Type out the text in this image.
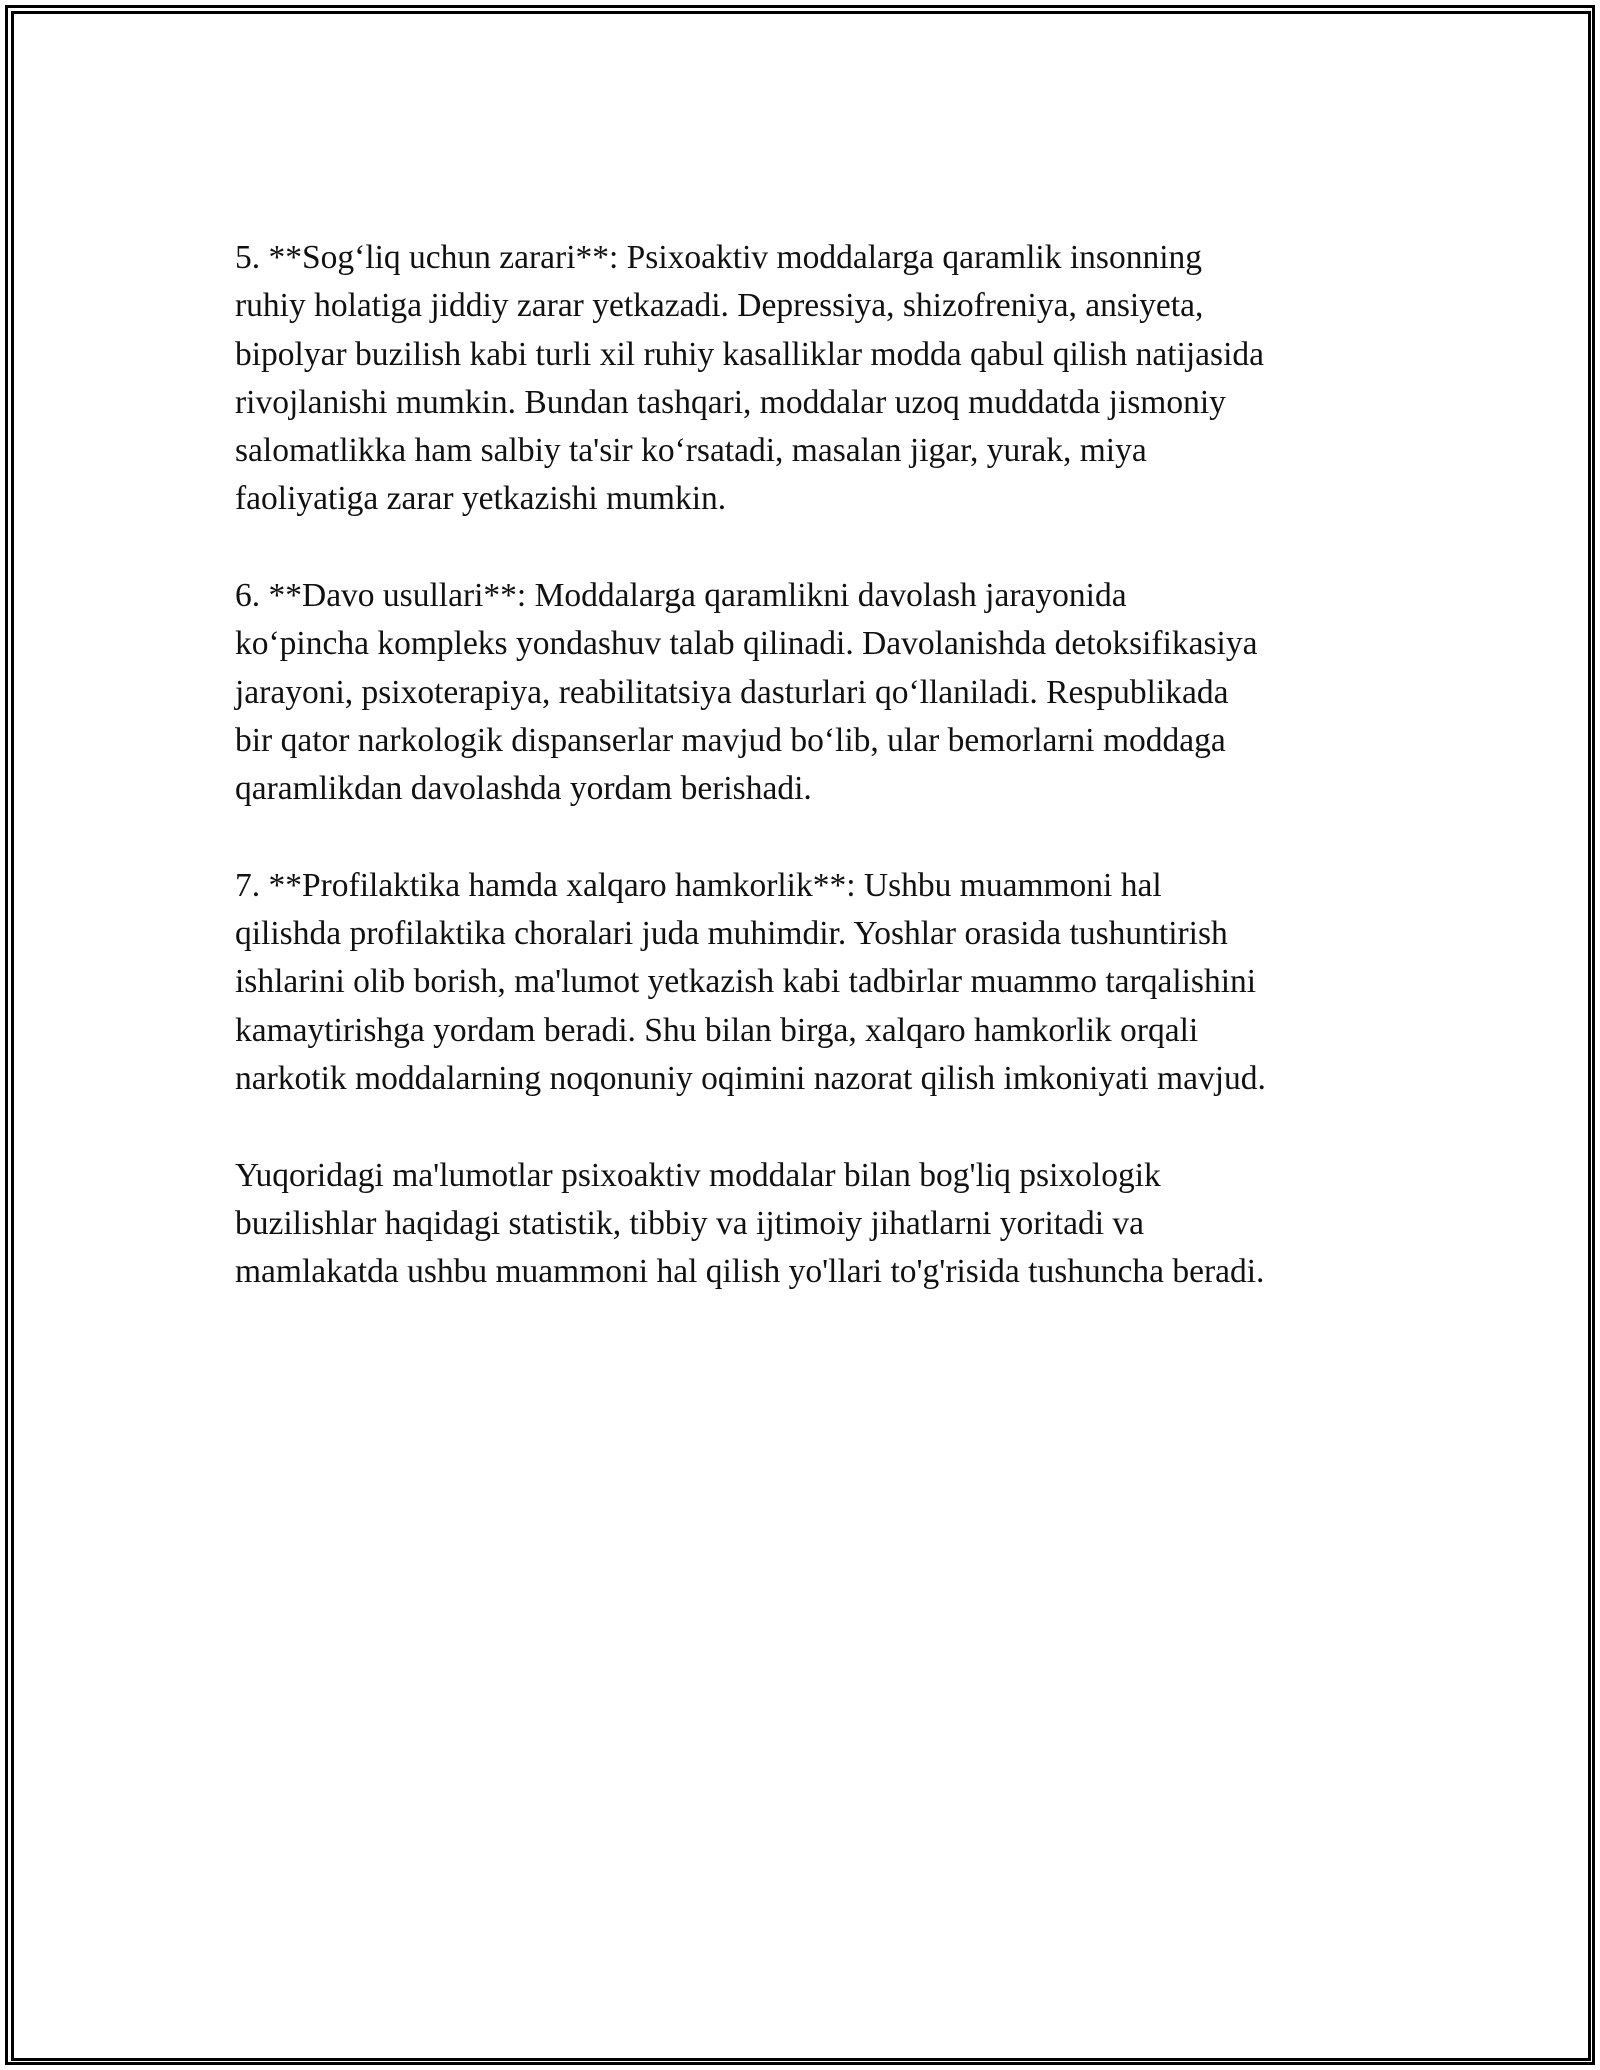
5. **Sog‘liq uchun zarari**: Psixoaktiv moddalarga qaramlik insonning
ruhiy holatiga jiddiy zarar yetkazadi. Depressiya, shizofreniya, ansiyeta,
bipolyar buzilish kabi turli xil ruhiy kasalliklar modda qabul qilish natijasida
rivojlanishi mumkin. Bundan tashqari, moddalar uzoq muddatda jismoniy
salomatlikka ham salbiy ta'sir ko‘rsatadi, masalan jigar, yurak, miya
faoliyatiga zarar yetkazishi mumkin.

6. **Davo usullari**: Moddalarga qaramlikni davolash jarayonida
ko‘pincha kompleks yondashuv talab qilinadi. Davolanishda detoksifikasiya
jarayoni, psixoterapiya, reabilitatsiya dasturlari qo‘llaniladi. Respublikada
bir qator narkologik dispanserlar mavjud bo‘lib, ular bemorlarni moddaga
qaramlikdan davolashda yordam berishadi.

7. **Profilaktika hamda xalqaro hamkorlik**: Ushbu muammoni hal
qilishda profilaktika choralari juda muhimdir. Yoshlar orasida tushuntirish
ishlarini olib borish, ma'lumot yetkazish kabi tadbirlar muammo tarqalishini
kamaytirishga yordam beradi. Shu bilan birga, xalqaro hamkorlik orqali
narkotik moddalarning noqonuniy oqimini nazorat qilish imkoniyati mavjud.

Yuqoridagi ma'lumotlar psixoaktiv moddalar bilan bog'liq psixologik
buzilishlar haqidagi statistik, tibbiy va ijtimoiy jihatlarni yoritadi va
mamlakatda ushbu muammoni hal qilish yo'llari to'g'risida tushuncha beradi.
